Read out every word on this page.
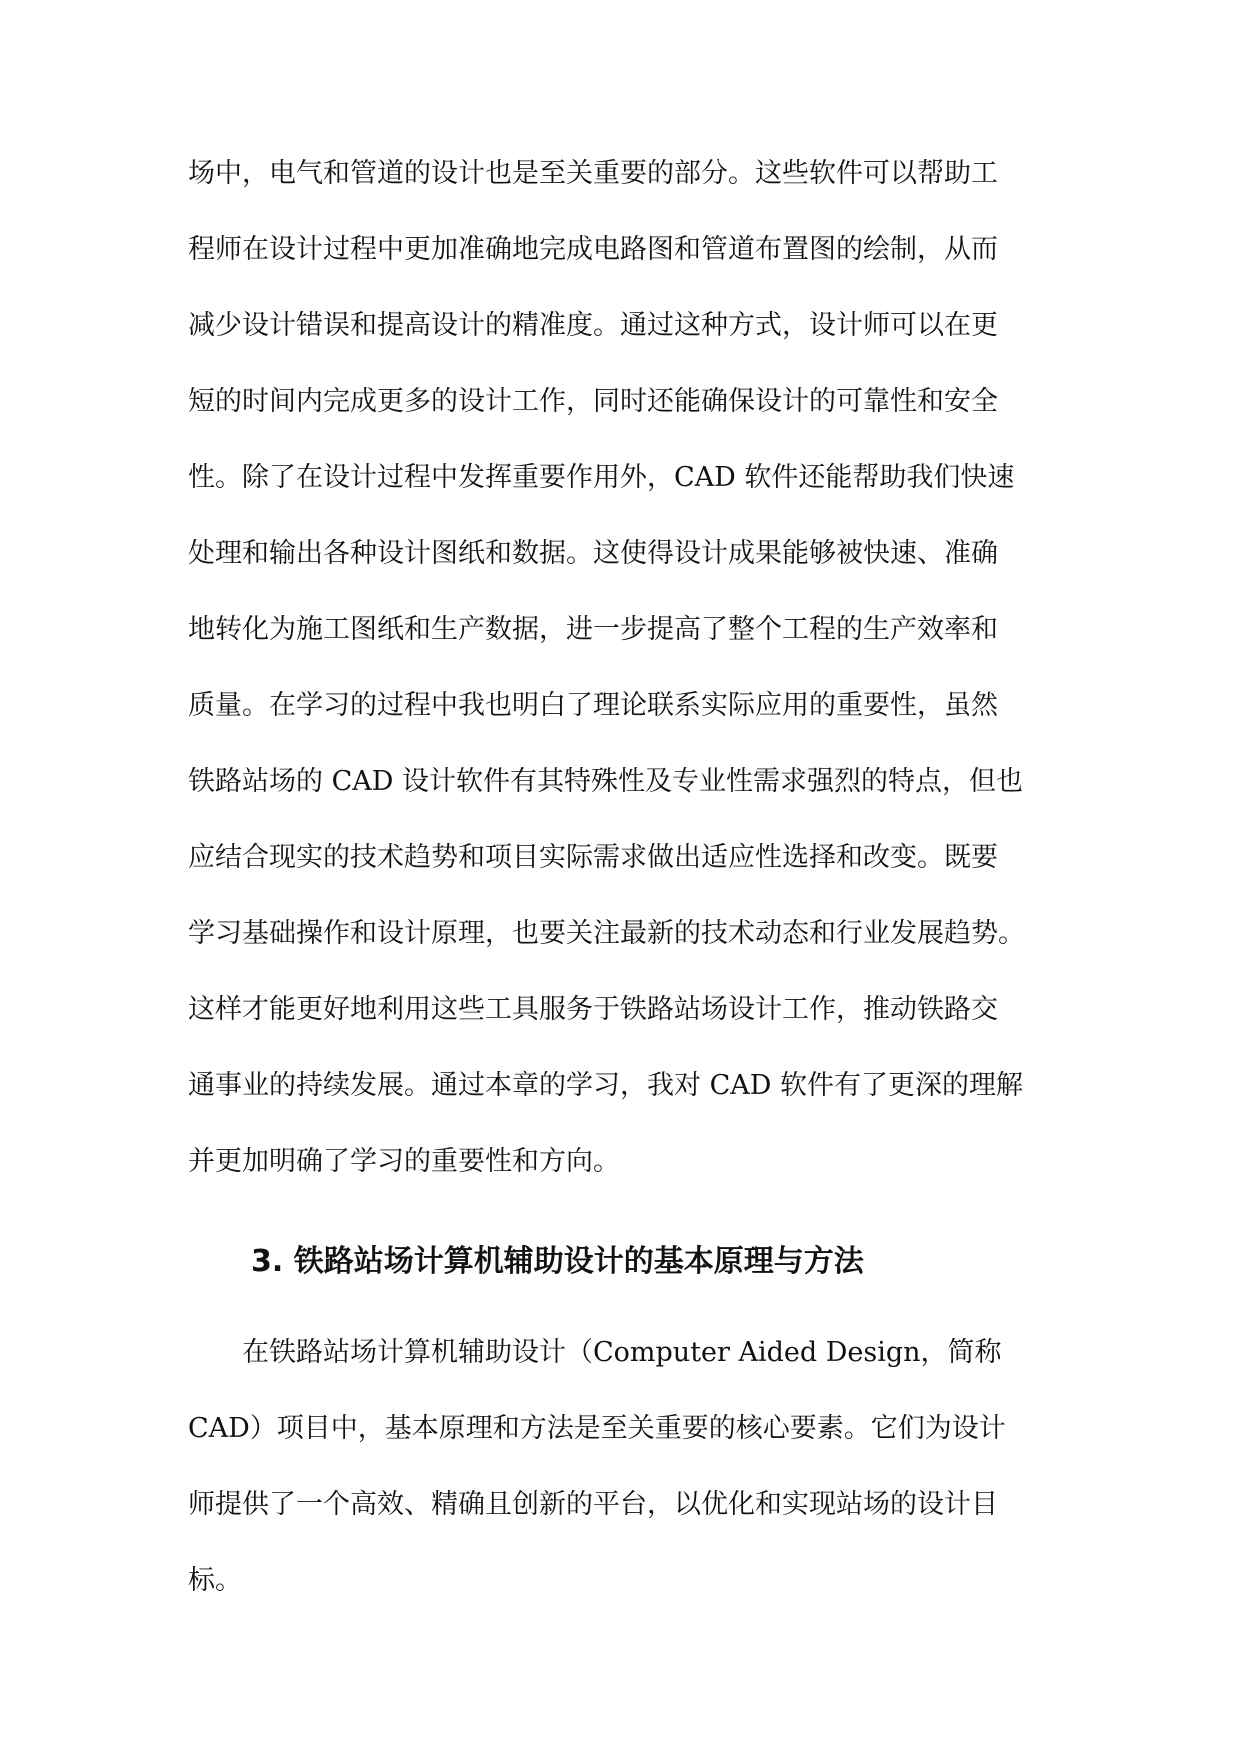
场中，电气和管道的设计也是至关重要的部分。这些软件可以帮助工
程师在设计过程中更加准确地完成电路图和管道布置图的绘制，从而
减少设计错误和提高设计的精准度。通过这种方式，设计师可以在更
短的时间内完成更多的设计工作，同时还能确保设计的可靠性和安全
性。除了在设计过程中发挥重要作用外，CAD 软件还能帮助我们快速
处理和输出各种设计图纸和数据。这使得设计成果能够被快速、准确
地转化为施工图纸和生产数据，进一步提高了整个工程的生产效率和
质量。在学习的过程中我也明白了理论联系实际应用的重要性，虽然
铁路站场的 CAD 设计软件有其特殊性及专业性需求强烈的特点，但也
应结合现实的技术趋势和项目实际需求做出适应性选择和改变。既要
学习基础操作和设计原理，也要关注最新的技术动态和行业发展趋势。
这样才能更好地利用这些工具服务于铁路站场设计工作，推动铁路交
通事业的持续发展。通过本章的学习，我对 CAD 软件有了更深的理解
并更加明确了学习的重要性和方向。
3. 铁路站场计算机辅助设计的基本原理与方法
　　在铁路站场计算机辅助设计（Computer Aided Design，简称
CAD）项目中，基本原理和方法是至关重要的核心要素。它们为设计
师提供了一个高效、精确且创新的平台，以优化和实现站场的设计目
标。
